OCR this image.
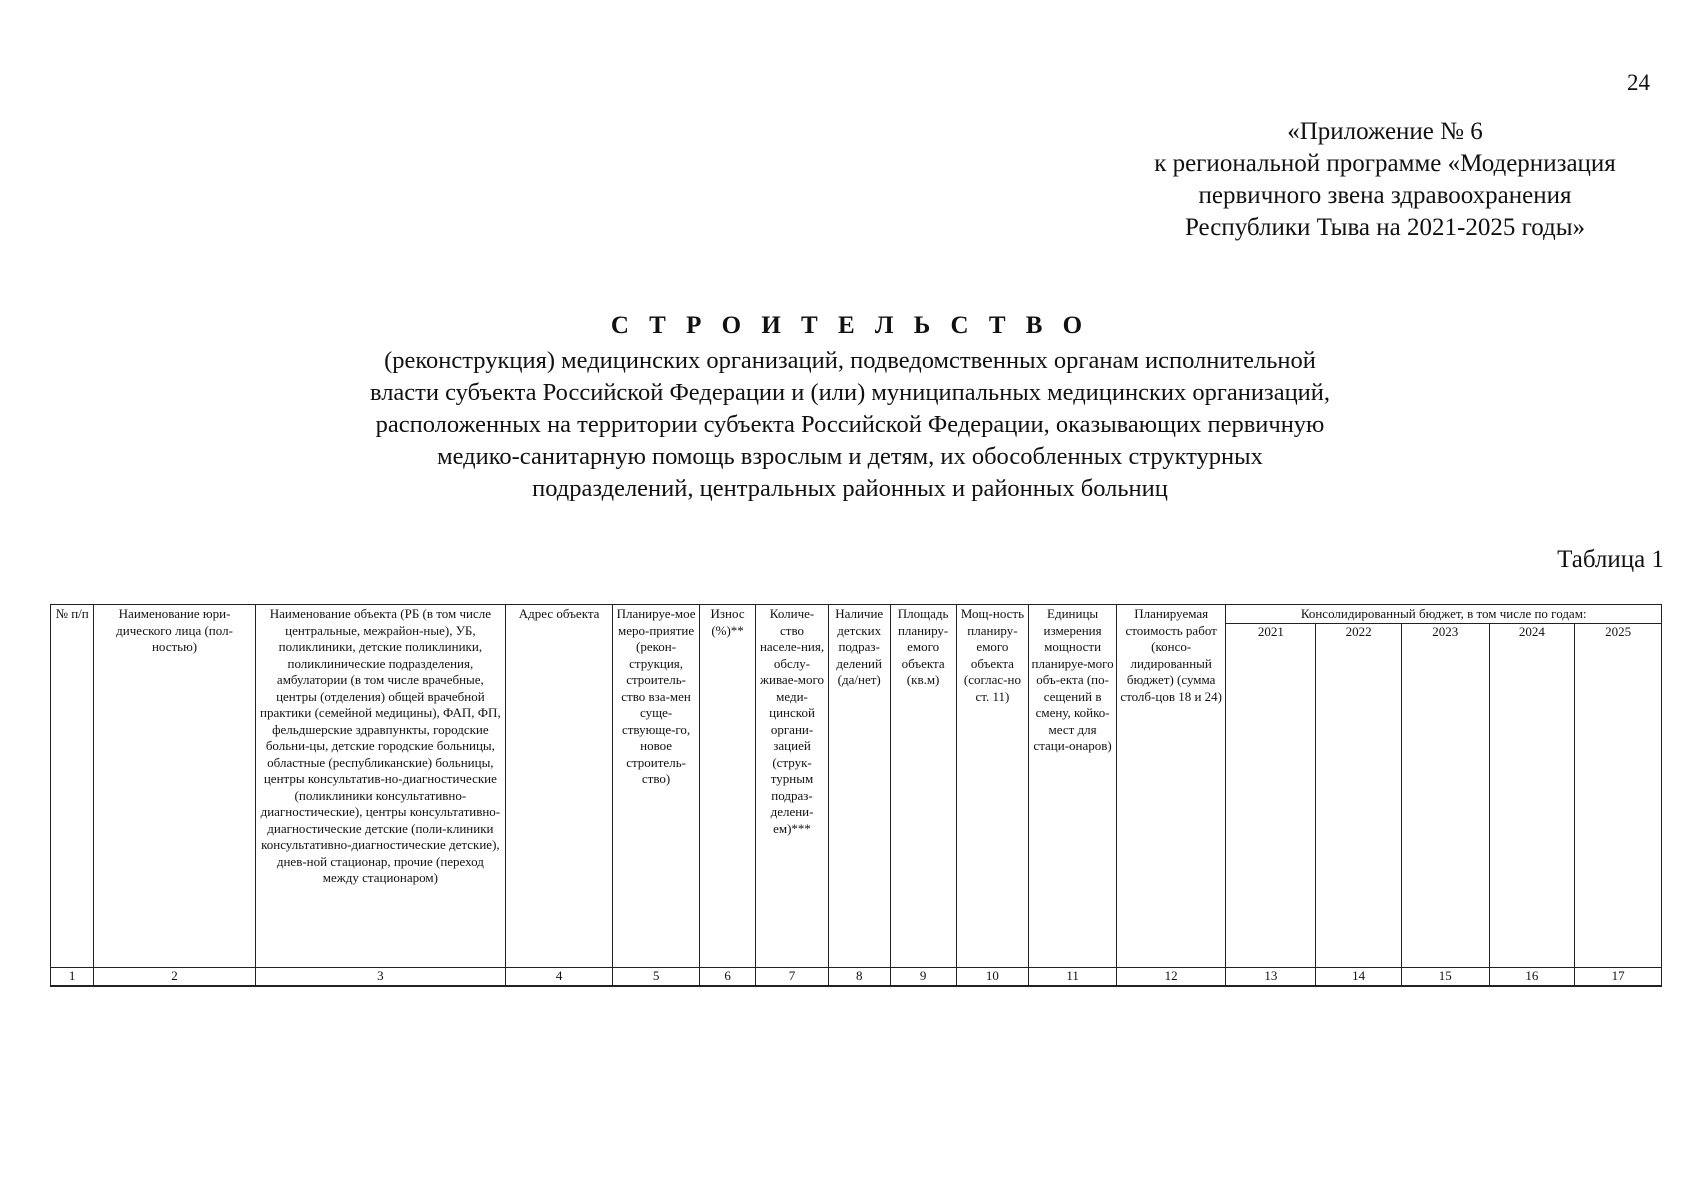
24
«Приложение № 6
к региональной программе «Модернизация
первичного звена здравоохранения
Республики Тыва на 2021-2025 годы»
С Т Р О И Т Е Л Ь С Т В О
(реконструкция) медицинских организаций, подведомственных органам исполнительной
власти субъекта Российской Федерации и (или) муниципальных медицинских организаций,
расположенных на территории субъекта Российской Федерации, оказывающих первичную
медико-санитарную помощь взрослым и детям, их обособленных структурных
подразделений, центральных районных и районных больниц
Таблица 1
№ п/п	Наименование юри-дического лица (пол-ностью)	Наименование объекта (РБ (в том числе центральные, межрайон-ные), УБ, поликлиники, детские поликлиники, поликлинические подразделения, амбулатории (в том числе врачебные, центры (отделения) общей врачебной практики (семейной медицины), ФАП, ФП, фельдшерские здравпункты, городские больни-цы, детские городские больницы, областные (республиканские) больницы, центры консультатив-но-диагностические (поликлиники консультативно-диагностические), центры консультативно-диагностические детские (поли-клиники консультативно-диагностические детские), днев-ной стационар, прочие (переход между стационаром)	Адрес объекта	Планируе-мое меро-приятие (рекон-струкция, строитель-ство вза-мен суще-ствующе-го, новое строитель-ство)	Износ (%)**	Количе-ство населе-ния, обслу-живае-мого меди-цинской органи-зацией (струк-турным подраз-делени-ем)***	Наличие детских подраз-делений (да/нет)	Площадь планиру-емого объекта (кв.м)	Мощ-ность планиру-емого объекта (соглас-но ст. 11)	Единицы измерения мощности планируе-мого объ-екта (по-сещений в смену, койко-мест для стаци-онаров)	Планируемая стоимость работ (консо-лидированный бюджет) (сумма столб-цов 18 и 24)	Консолидированный бюджет, в том числе по годам:				
												2021	2022	2023	2024	2025
1	2	3	4	5	6	7	8	9	10	11	12	13	14	15	16	17
